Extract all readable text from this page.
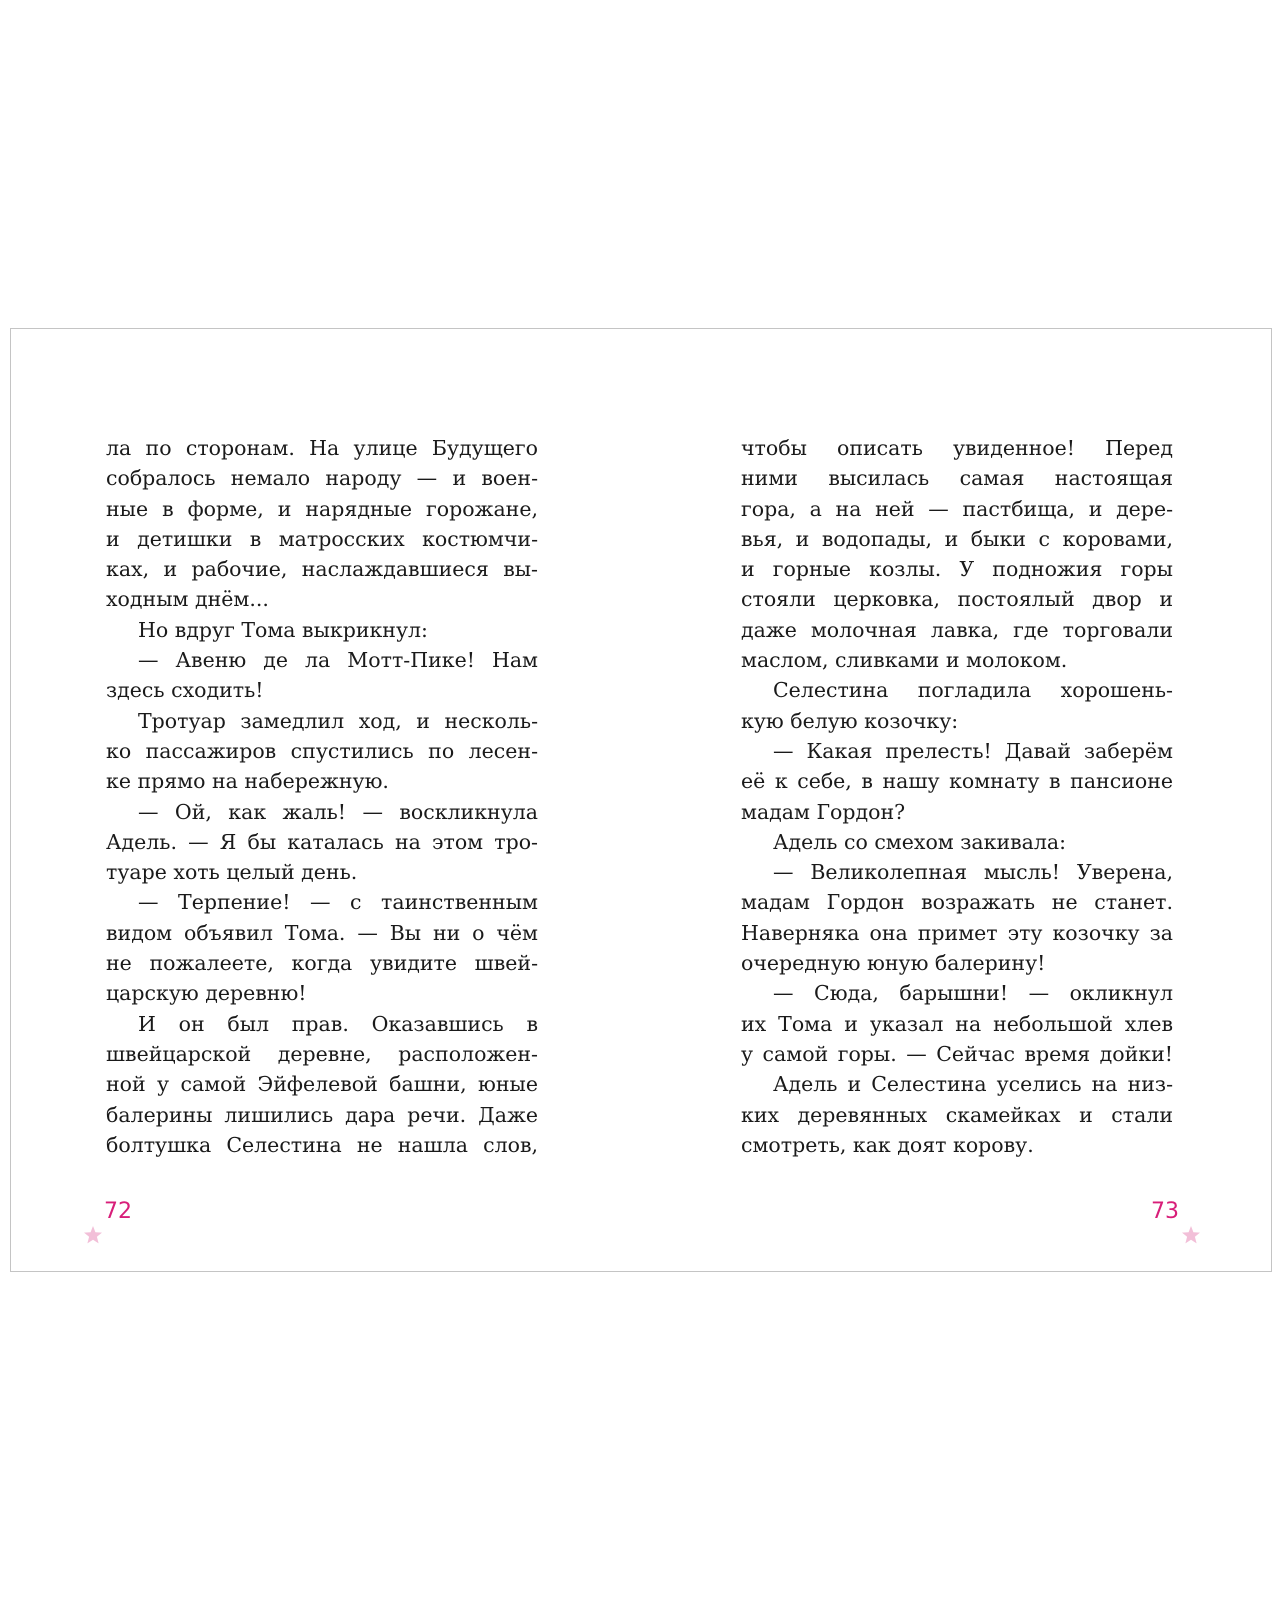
ла по сторонам. На улице Будущего
собралось немало народу — и воен-
ные в форме, и нарядные горожане,
и детишки в матросских костюмчи-
ках, и рабочие, наслаждавшиеся вы-
ходным днём...
Но вдруг Тома выкрикнул:
— Авеню де ла Мотт-Пике! Нам
здесь сходить!
Тротуар замедлил ход, и несколь-
ко пассажиров спустились по лесен-
ке прямо на набережную.
— Ой, как жаль! — воскликнула
Адель. — Я бы каталась на этом тро-
туаре хоть целый день.
— Терпение! — с таинственным
видом объявил Тома. — Вы ни о чём
не пожалеете, когда увидите швей-
царскую деревню!
И он был прав. Оказавшись в
швейцарской деревне, расположен-
ной у самой Эйфелевой башни, юные
балерины лишились дара речи. Даже
болтушка Селестина не нашла слов,
чтобы описать увиденное! Перед
ними высилась самая настоящая
гора, а на ней — пастбища, и дере-
вья, и водопады, и быки с коровами,
и горные козлы. У подножия горы
стояли церковка, постоялый двор и
даже молочная лавка, где торговали
маслом, сливками и молоком.
Селестина погладила хорошень-
кую белую козочку:
— Какая прелесть! Давай заберём
её к себе, в нашу комнату в пансионе
мадам Гордон?
Адель со смехом закивала:
— Великолепная мысль! Уверена,
мадам Гордон возражать не станет.
Наверняка она примет эту козочку за
очередную юную балерину!
— Сюда, барышни! — окликнул
их Тома и указал на небольшой хлев
у самой горы. — Сейчас время дойки!
Адель и Селестина уселись на низ-
ких деревянных скамейках и стали
смотреть, как доят корову.
72	73
